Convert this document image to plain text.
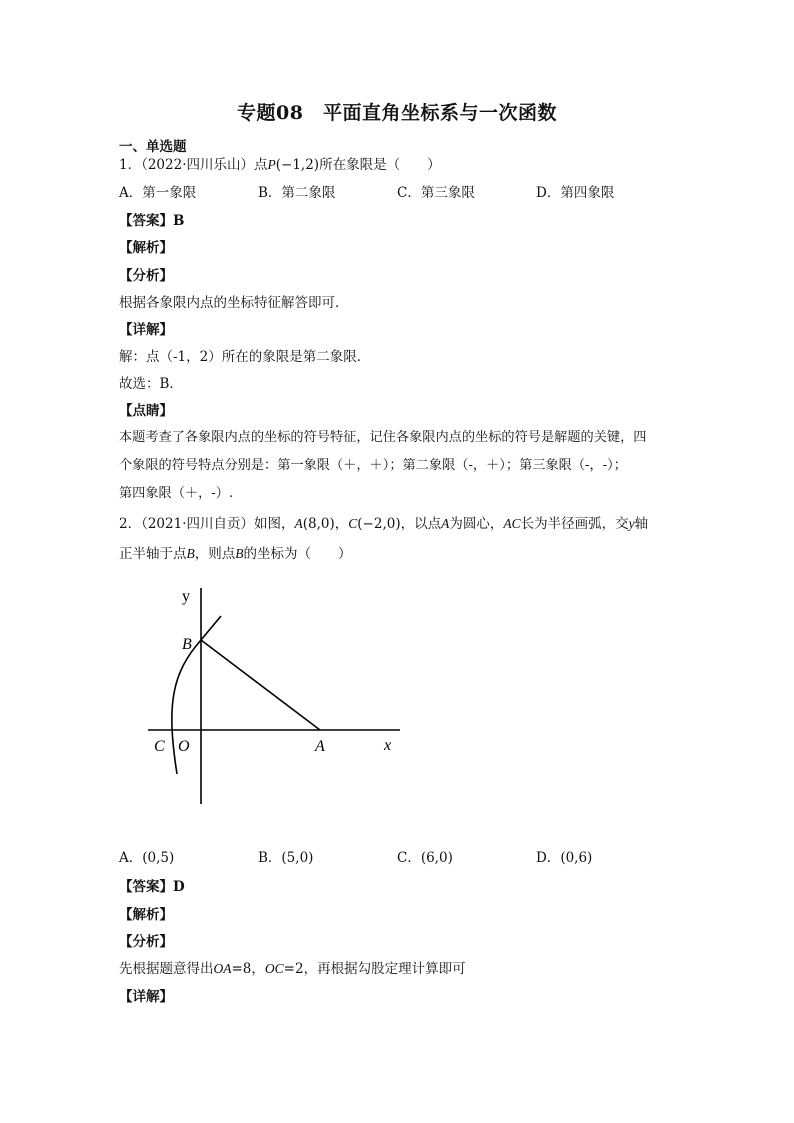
专题08　平面直角坐标系与一次函数
一、单选题
1．（2022·四川乐山）点P(−1,2)所在象限是（　　）
A．第一象限	B．第二象限	C．第三象限	D．第四象限
【答案】B
【解析】
【分析】
根据各象限内点的坐标特征解答即可．
【详解】
解：点（-1，2）所在的象限是第二象限．
故选：B．
【点睛】
本题考查了各象限内点的坐标的符号特征，记住各象限内点的坐标的符号是解题的关键，四
个象限的符号特点分别是：第一象限（＋，＋）；第二象限（-，＋）；第三象限（-，-）；
第四象限（＋，-）.
2．（2021·四川自贡）如图，A(8,0)，C(−2,0)，以点A为圆心，AC长为半径画弧，交y轴
正半轴于点B，则点B的坐标为（　　）
y
x
B
C O	A
A．(0,5)	B．(5,0)	C．(6,0)	D．(0,6)
【答案】D
【解析】
【分析】
先根据题意得出OA=8，OC=2，再根据勾股定理计算即可
【详解】
